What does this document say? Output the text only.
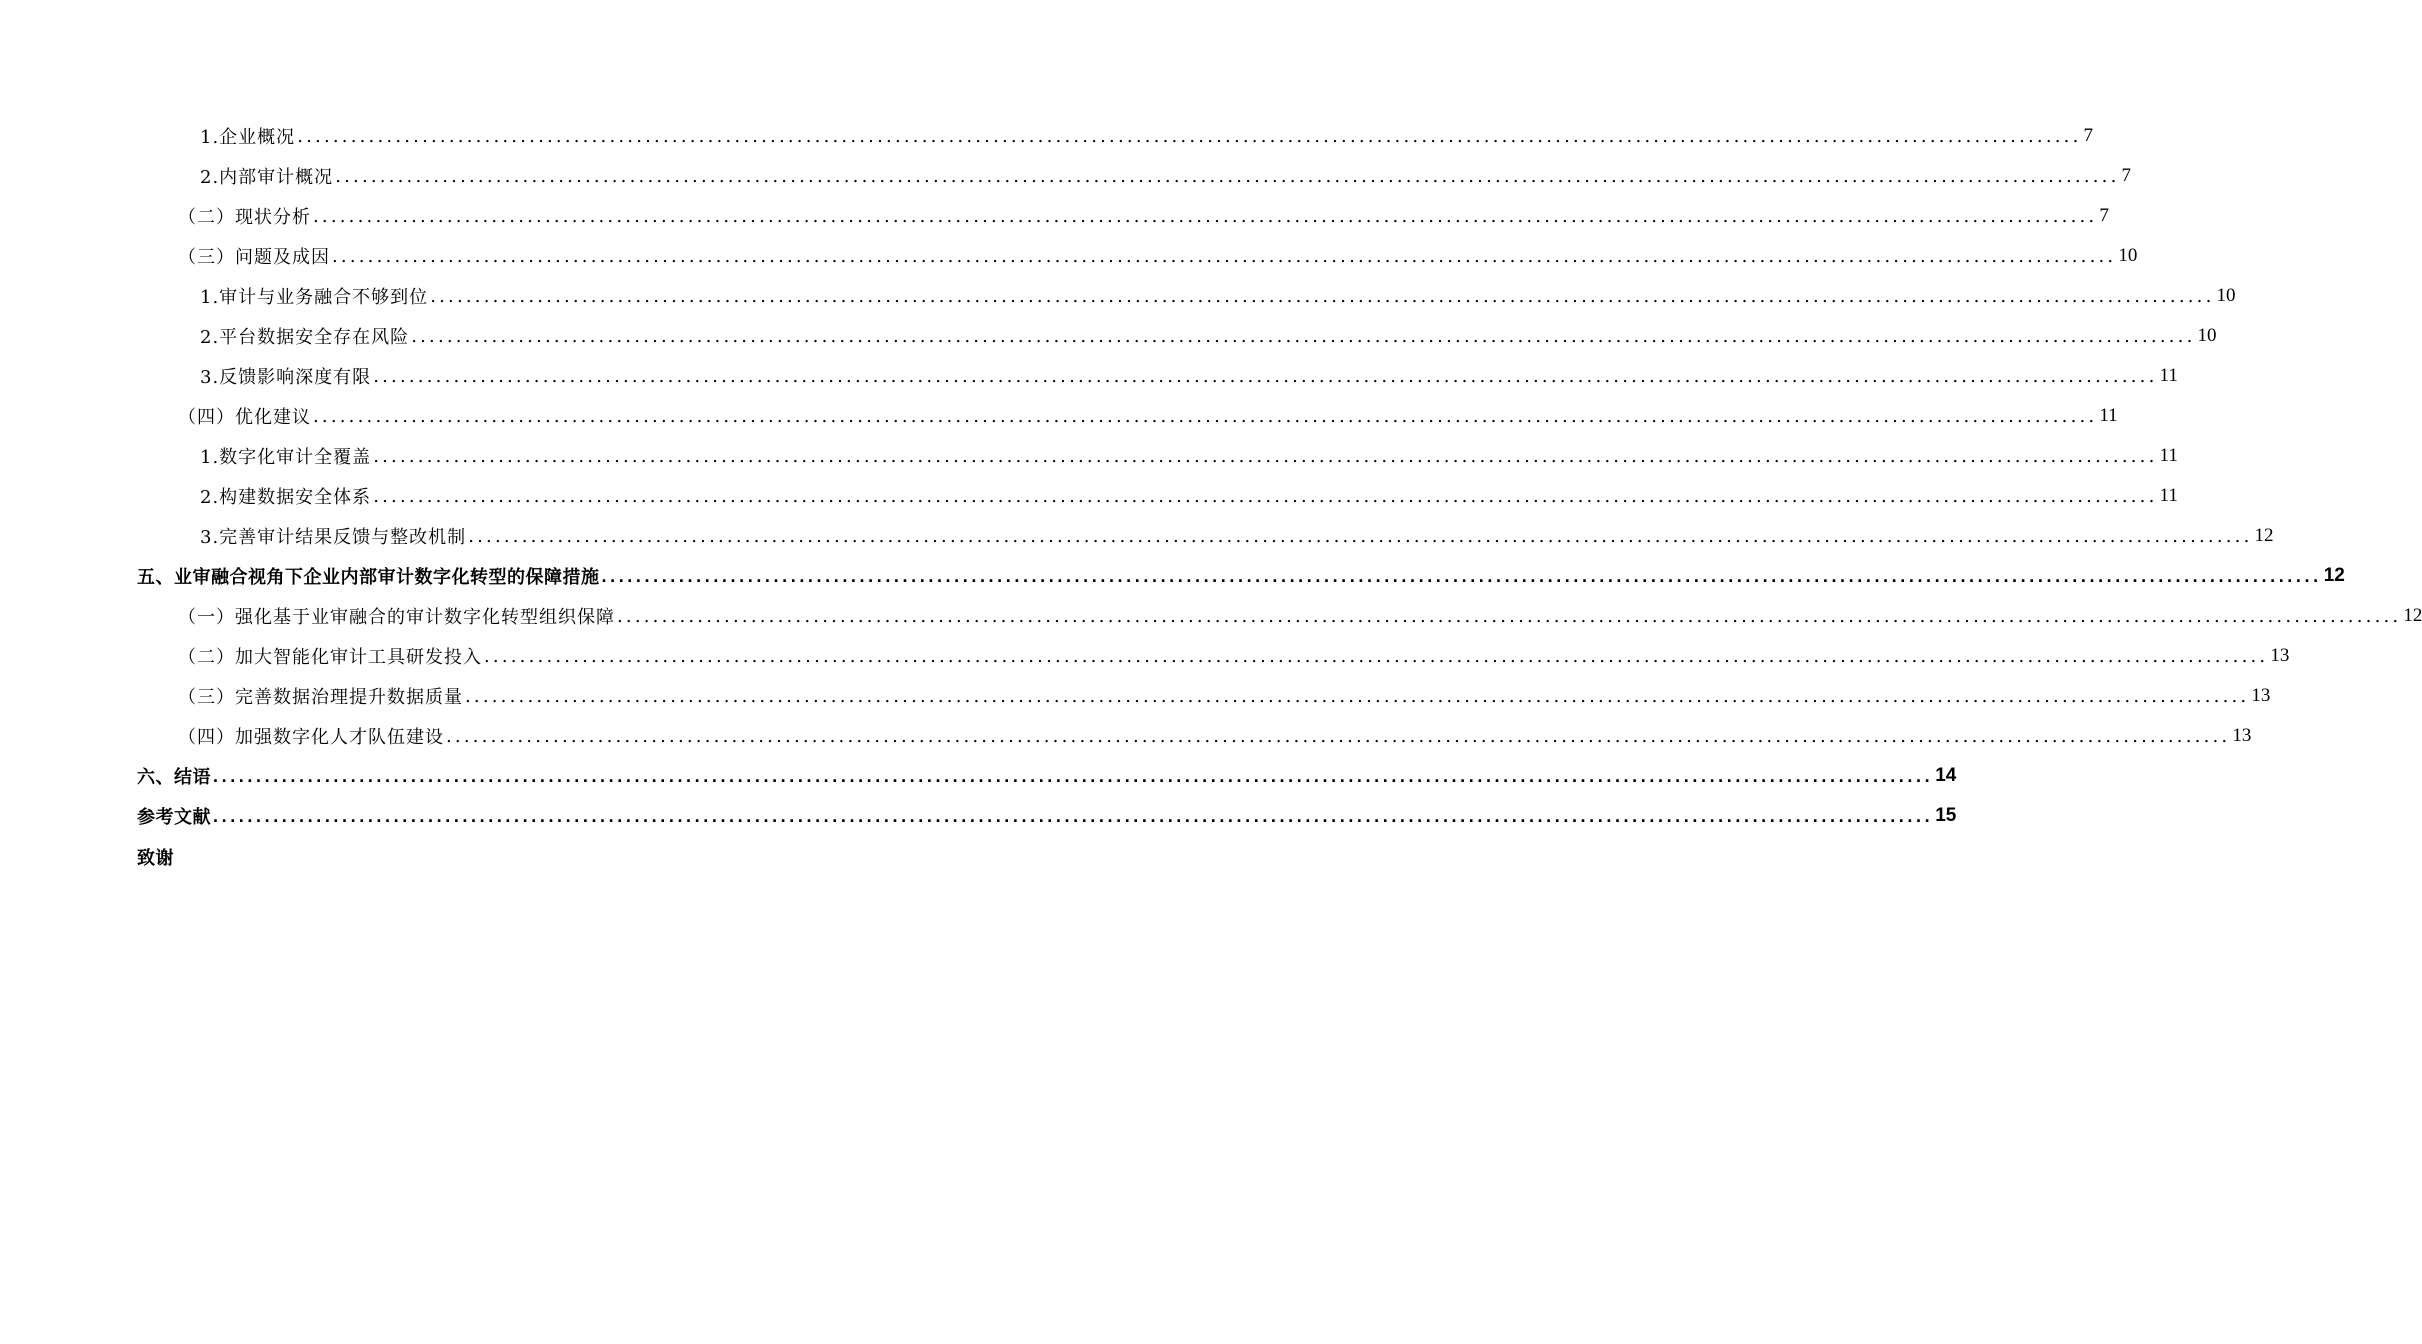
1.企业概况 ........................................................................................................................................................................................................ 7
2.内部审计概况 ........................................................................................................................................................................................................ 7
（二）现状分析 ........................................................................................................................................................................................................ 7
（三）问题及成因 ........................................................................................................................................................................................................ 10
1.审计与业务融合不够到位 ........................................................................................................................................................................................................ 10
2.平台数据安全存在风险 ........................................................................................................................................................................................................ 10
3.反馈影响深度有限 ........................................................................................................................................................................................................ 11
（四）优化建议 ........................................................................................................................................................................................................ 11
1.数字化审计全覆盖 ........................................................................................................................................................................................................ 11
2.构建数据安全体系 ........................................................................................................................................................................................................ 11
3.完善审计结果反馈与整改机制 ........................................................................................................................................................................................................ 12
五、业审融合视角下企业内部审计数字化转型的保障措施 ........................................................................................................................................................................................................ 12
（一）强化基于业审融合的审计数字化转型组织保障 ........................................................................................................................................................................................................ 12
（二）加大智能化审计工具研发投入 ........................................................................................................................................................................................................ 13
（三）完善数据治理提升数据质量 ........................................................................................................................................................................................................ 13
（四）加强数字化人才队伍建设 ........................................................................................................................................................................................................ 13
六、结语 ........................................................................................................................................................................................................ 14
参考文献 ........................................................................................................................................................................................................ 15
致谢
